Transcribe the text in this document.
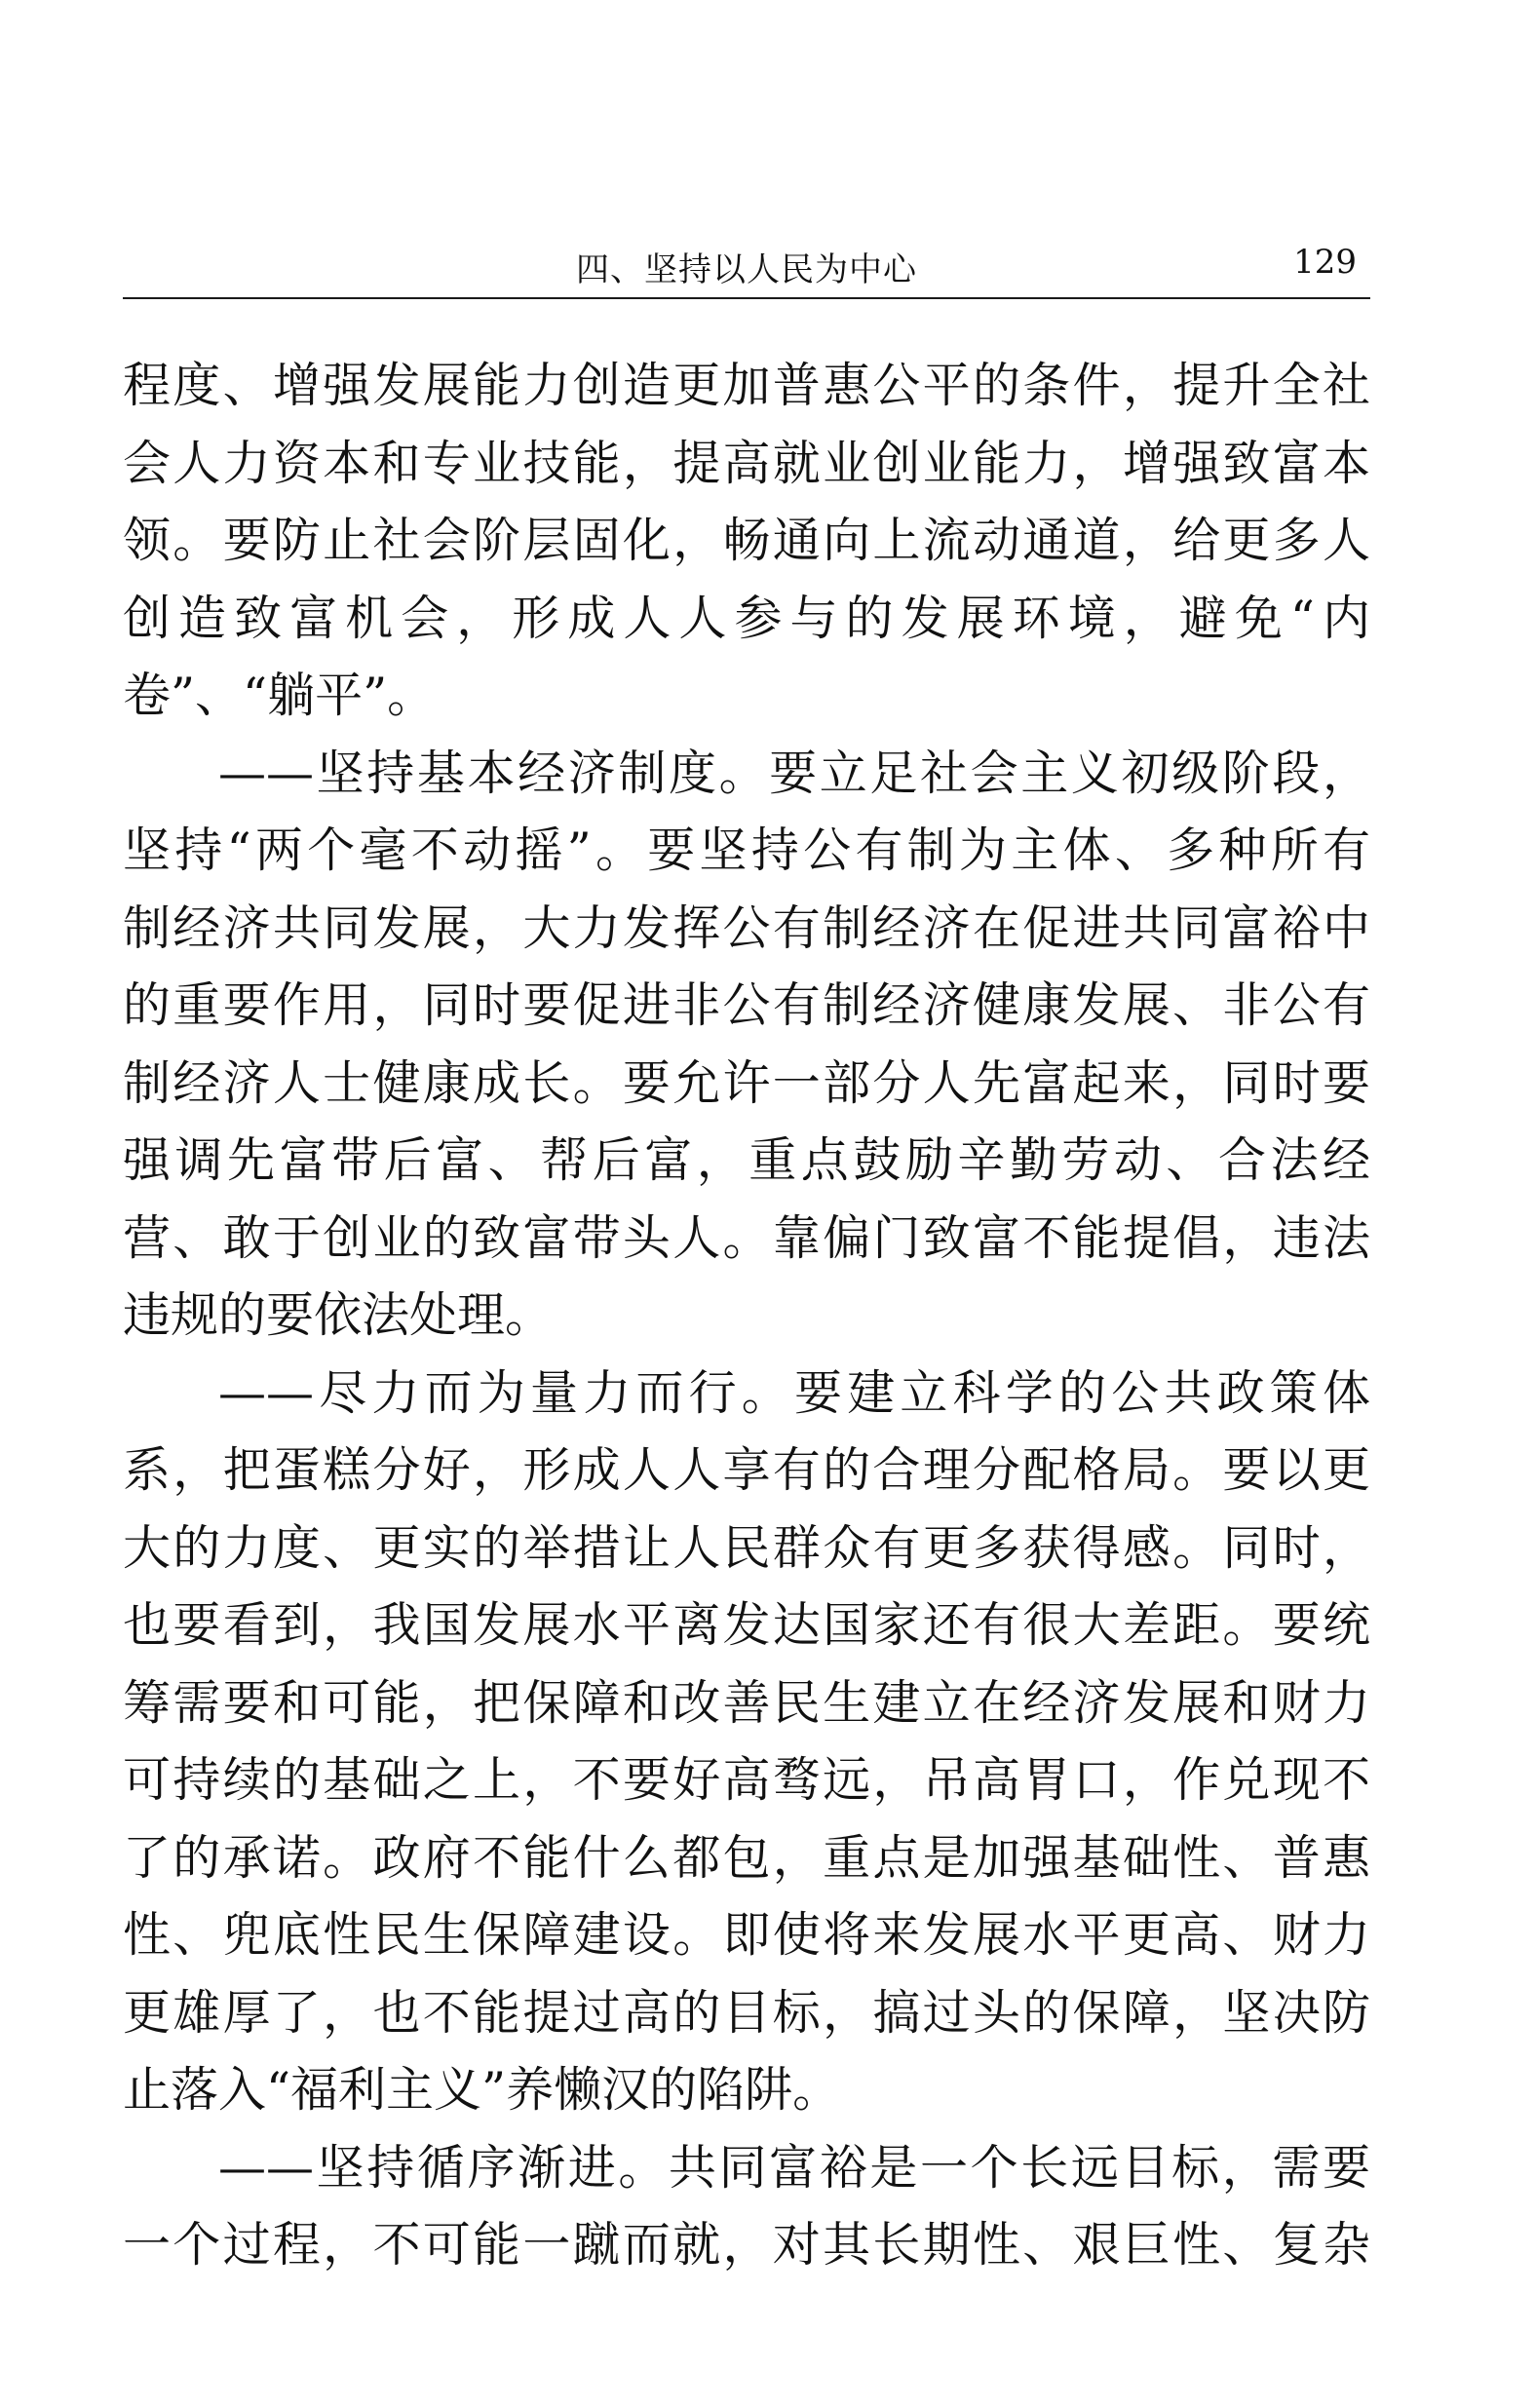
四、坚持以人民为中心	129
程度、增强发展能力创造更加普惠公平的条件，提升全社
会人力资本和专业技能，提高就业创业能力，增强致富本
领。要防止社会阶层固化，畅通向上流动通道，给更多人
创造致富机会，形成人人参与的发展环境，避免“内
卷”、“躺平”。
——坚持基本经济制度。要立足社会主义初级阶段，
坚持“两个毫不动摇”。要坚持公有制为主体、多种所有
制经济共同发展，大力发挥公有制经济在促进共同富裕中
的重要作用，同时要促进非公有制经济健康发展、非公有
制经济人士健康成长。要允许一部分人先富起来，同时要
强调先富带后富、帮后富，重点鼓励辛勤劳动、合法经
营、敢于创业的致富带头人。靠偏门致富不能提倡，违法
违规的要依法处理。
——尽力而为量力而行。要建立科学的公共政策体
系，把蛋糕分好，形成人人享有的合理分配格局。要以更
大的力度、更实的举措让人民群众有更多获得感。同时，
也要看到，我国发展水平离发达国家还有很大差距。要统
筹需要和可能，把保障和改善民生建立在经济发展和财力
可持续的基础之上，不要好高骛远，吊高胃口，作兑现不
了的承诺。政府不能什么都包，重点是加强基础性、普惠
性、兜底性民生保障建设。即使将来发展水平更高、财力
更雄厚了，也不能提过高的目标，搞过头的保障，坚决防
止落入“福利主义”养懒汉的陷阱。
——坚持循序渐进。共同富裕是一个长远目标，需要
一个过程，不可能一蹴而就，对其长期性、艰巨性、复杂
